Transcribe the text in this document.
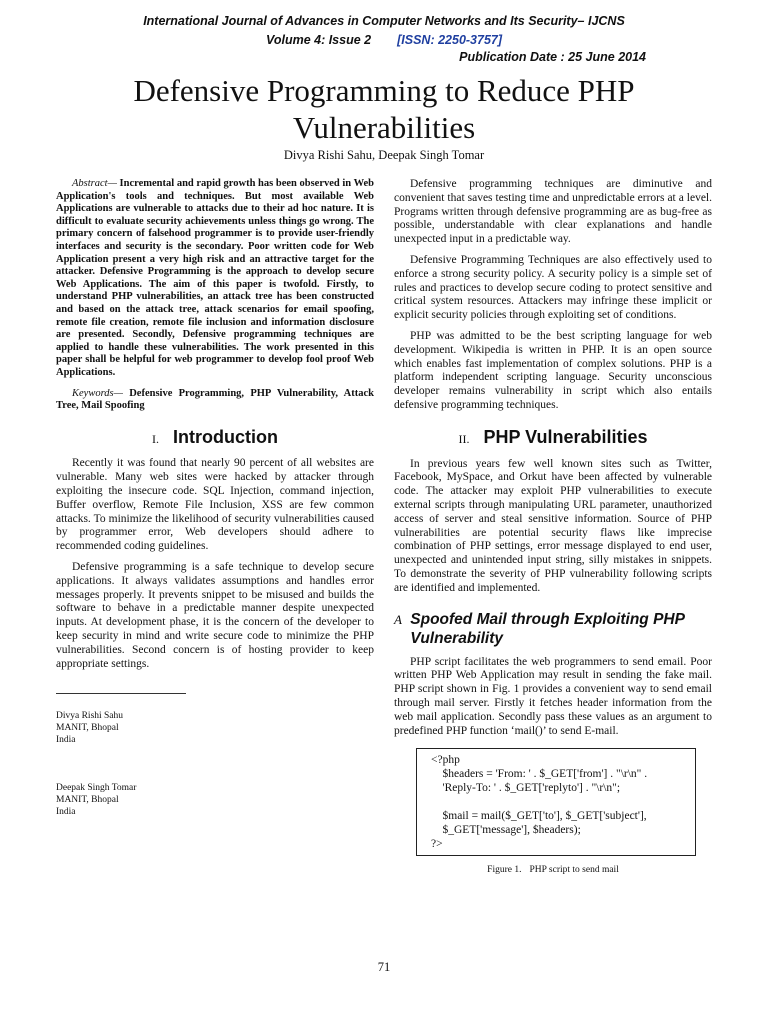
International Journal of Advances in Computer Networks and Its Security– IJCNS
Volume 4: Issue 2 [ISSN: 2250-3757]
Publication Date : 25 June 2014
Defensive Programming to Reduce PHP Vulnerabilities
Divya Rishi Sahu, Deepak Singh Tomar
Abstract— Incremental and rapid growth has been observed in Web Application's tools and techniques. But most available Web Applications are vulnerable to attacks due to their ad hoc nature. It is difficult to evaluate security achievements unless things go wrong. The primary concern of falsehood programmer is to provide user-friendly interfaces and security is the secondary. Poor written code for Web Application present a very high risk and an attractive target for the attacker. Defensive Programming is the approach to develop secure Web Applications. The aim of this paper is twofold. Firstly, to understand PHP vulnerabilities, an attack tree has been constructed and based on the attack tree, attack scenarios for email spoofing, remote file creation, remote file inclusion and information disclosure are presented. Secondly, Defensive programming techniques are applied to handle these vulnerabilities. The work presented in this paper shall be helpful for web programmer to develop fool proof Web Applications.
Keywords— Defensive Programming, PHP Vulnerability, Attack Tree, Mail Spoofing
I. Introduction

Recently it was found that nearly 90 percent of all websites are vulnerable. Many web sites were hacked by attacker through exploiting the insecure code. SQL Injection, command injection, Buffer overflow, Remote File Inclusion, XSS are few common attacks. To minimize the likelihood of security vulnerabilities caused by programmer error, Web developers should adhere to recommended coding guidelines.

Defensive programming is a safe technique to develop secure applications. It always validates assumptions and handles error messages properly. It prevents snippet to be misused and builds the software to behave in a predictable manner despite unexpected inputs. At development phase, it is the concern of the developer to keep security in mind and write secure code to minimize the PHP vulnerabilities. Second concern is of hosting provider to keep appropriate settings.

Divya Rishi Sahu
MANIT, Bhopal
India
Deepak Singh Tomar
MANIT, Bhopal
India

Defensive programming techniques are diminutive and convenient that saves testing time and unpredictable errors at a level. Programs written through defensive programming are as bug-free as possible, understandable with clear explanations and handle unexpected input in a predictable way.

Defensive Programming Techniques are also effectively used to enforce a strong security policy. A security policy is a simple set of rules and practices to develop secure coding to protect sensitive and critical system resources. Attackers may infringe these implicit or explicit security policies through exploiting set of conditions.

PHP was admitted to be the best scripting language for web development. Wikipedia is written in PHP. It is an open source which enables fast implementation of complex solutions. PHP is a platform independent scripting language. Security unconscious developer remains vulnerability in script which also entails defensive programming techniques.

II. PHP Vulnerabilities

In previous years few well known sites such as Twitter, Facebook, MySpace, and Orkut have been affected by vulnerable code. The attacker may exploit PHP vulnerabilities to execute external scripts through manipulating URL parameter, unauthorized access of server and steal sensitive information. Source of PHP vulnerabilities are potential security flaws like imprecise combination of PHP settings, error message displayed to end user, unexpected and unintended input string, silly mistakes in snippets. To demonstrate the severity of PHP vulnerability following scripts are identified and implemented.

A Spoofed Mail through Exploiting PHP Vulnerability

PHP script facilitates the web programmers to send email. Poor written PHP Web Application may result in sending the fake mail. PHP script shown in Fig. 1 provides a convenient way to send email through mail server. Firstly it fetches header information from the web mail application. Secondly pass these values as an argument to predefined PHP function ‘mail()’ to send E-mail.

<?php
$headers = 'From: ' . $_GET['from'] . "\r\n" .
'Reply-To: ' . $_GET['replyto'] . "\r\n";

$mail = mail($_GET['to'], $_GET['subject'],
$_GET['message'], $headers);
?>
Figure 1. PHP script to send mail
71
